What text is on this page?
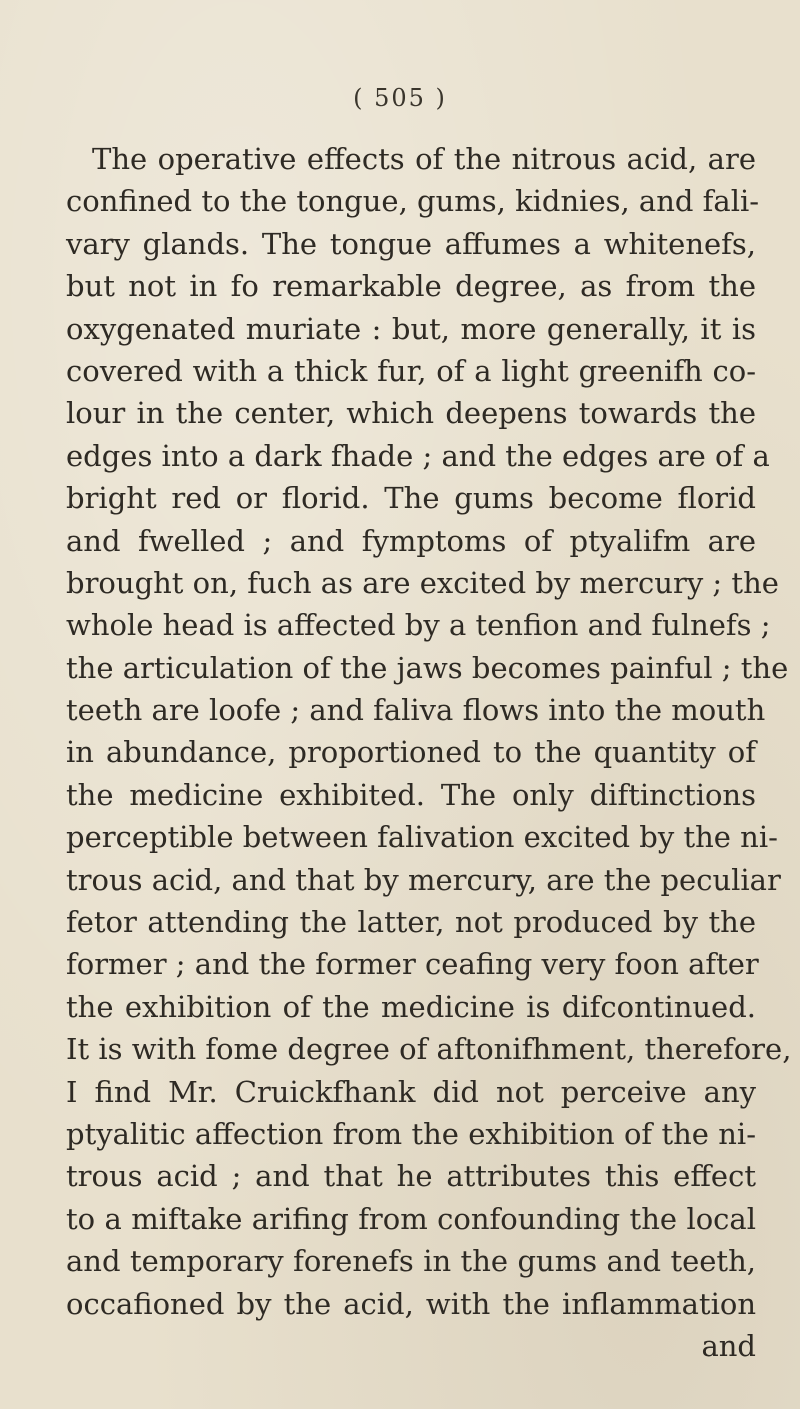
( 505 )
The operative effects of the nitrous acid, are
confined to the tongue, gums, kidnies, and fali-
vary glands. The tongue affumes a whitenefs,
but not in fo remarkable degree, as from the
oxygenated muriate : but, more generally, it is
covered with a thick fur, of a light greenifh co-
lour in the center, which deepens towards the
edges into a dark fhade ; and the edges are of a
bright red or florid. The gums become florid
and fwelled ; and fymptoms of ptyalifm are
brought on, fuch as are excited by mercury ; the
whole head is affected by a tenfion and fulnefs ;
the articulation of the jaws becomes painful ; the
teeth are loofe ; and faliva flows into the mouth
in abundance, proportioned to the quantity of
the medicine exhibited. The only diftinctions
perceptible between falivation excited by the ni-
trous acid, and that by mercury, are the peculiar
fetor attending the latter, not produced by the
former ; and the former ceafing very foon after
the exhibition of the medicine is difcontinued.
It is with fome degree of aftonifhment, therefore,
I find Mr. Cruickfhank did not perceive any
ptyalitic affection from the exhibition of the ni-
trous acid ; and that he attributes this effect
to a miftake arifing from confounding the local
and temporary forenefs in the gums and teeth,
occafioned by the acid, with the inflammation
and
